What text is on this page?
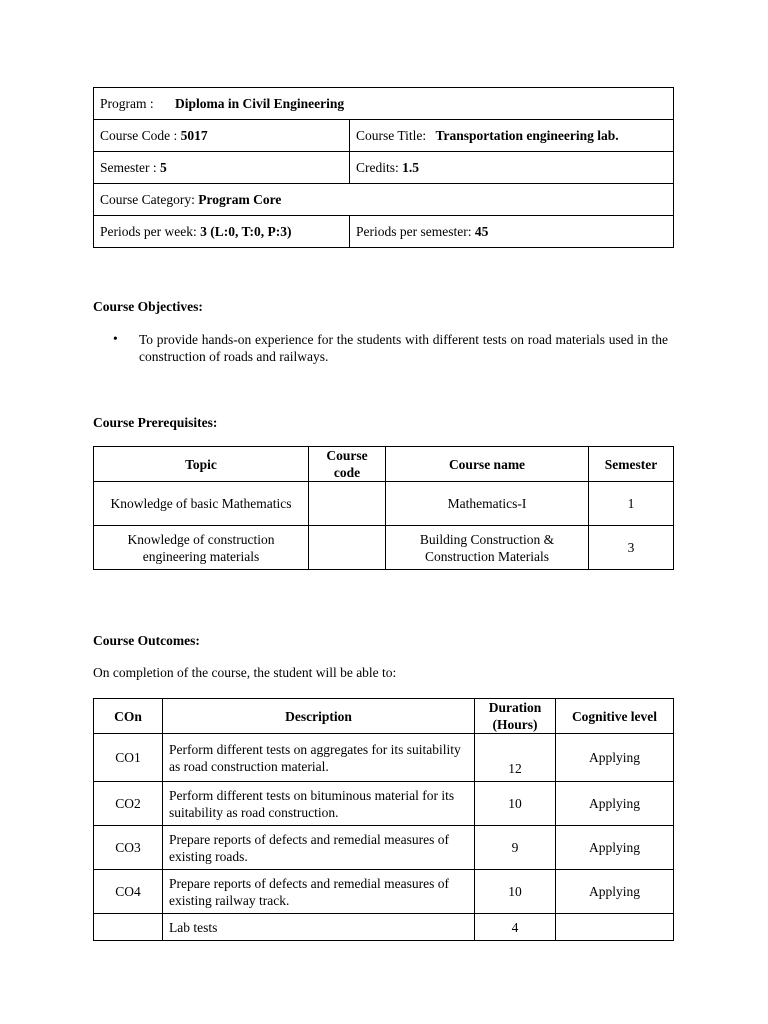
Program : Diploma in Civil Engineering	
Course Code : 5017	Course Title: Transportation engineering lab.
Semester : 5	Credits: 1.5
Course Category: Program Core	
Periods per week: 3 (L:0, T:0, P:3)	Periods per semester: 45
Course Objectives:
• To provide hands-on experience for the students with different tests on road materials used in the construction of roads and railways.
Course Prerequisites:
Topic	Course code	Course name	Semester
Knowledge of basic Mathematics		Mathematics-I	1
Knowledge of construction engineering materials		Building Construction & Construction Materials	3
Course Outcomes:
On completion of the course, the student will be able to:
COn	Description	Duration (Hours)	Cognitive level
CO1	Perform different tests on aggregates for its suitability as road construction material.	12	Applying
CO2	Perform different tests on bituminous material for its suitability as road construction.	10	Applying
CO3	Prepare reports of defects and remedial measures of existing roads.	9	Applying
CO4	Prepare reports of defects and remedial measures of existing railway track.	10	Applying
	Lab tests	4	
